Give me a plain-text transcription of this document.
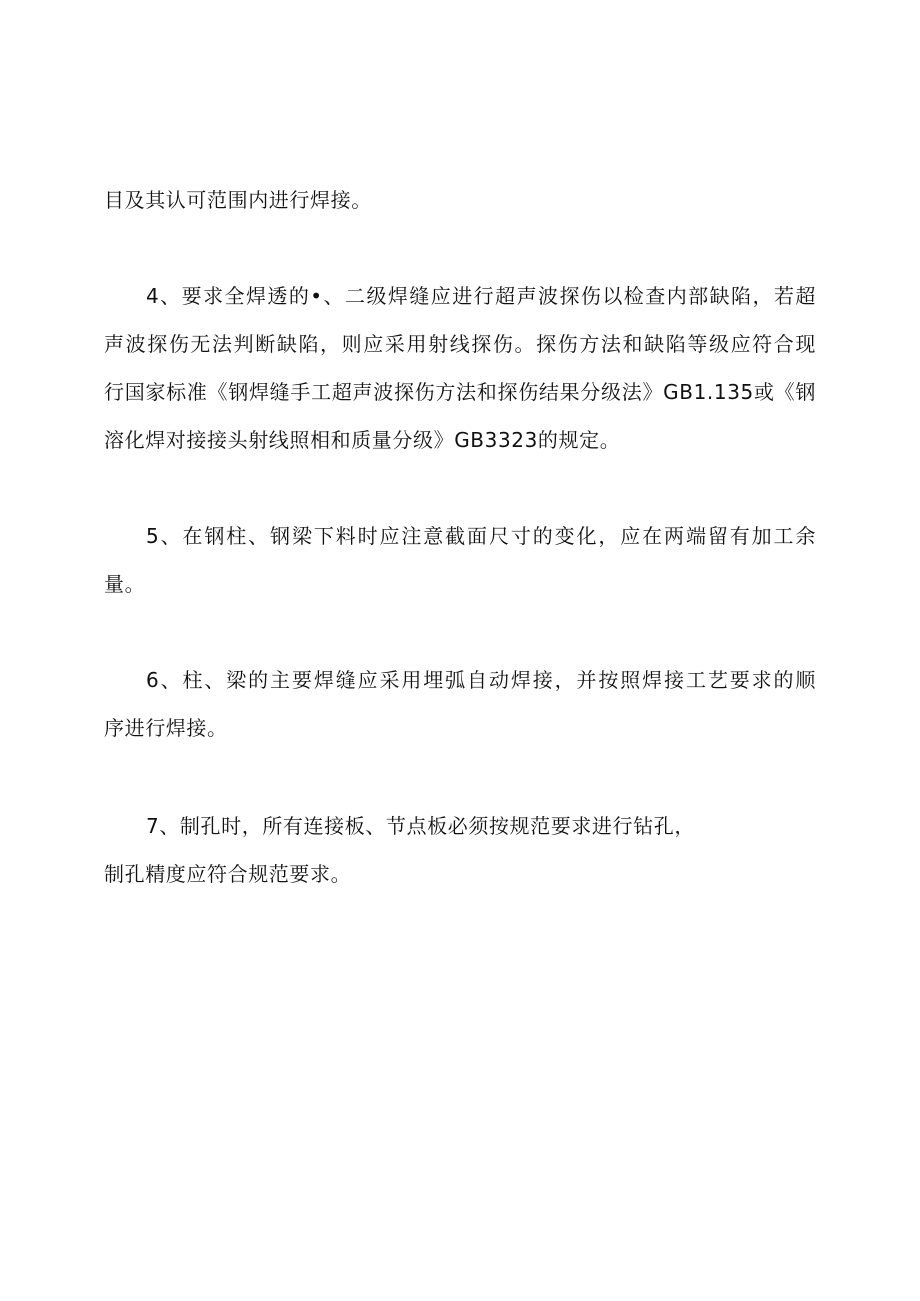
目及其认可范围内进行焊接。
4、要求全焊透的•、二级焊缝应进行超声波探伤以检查内部缺陷，若超
声波探伤无法判断缺陷，则应采用射线探伤。探伤方法和缺陷等级应符合现
行国家标准《钢焊缝手工超声波探伤方法和探伤结果分级法》GB1.135或《钢
溶化焊对接接头射线照相和质量分级》GB3323的规定。
5、在钢柱、钢梁下料时应注意截面尺寸的变化，应在两端留有加工余
量。
6、柱、梁的主要焊缝应采用埋弧自动焊接，并按照焊接工艺要求的顺
序进行焊接。
7、制孔时，所有连接板、节点板必须按规范要求进行钻孔，
制孔精度应符合规范要求。
